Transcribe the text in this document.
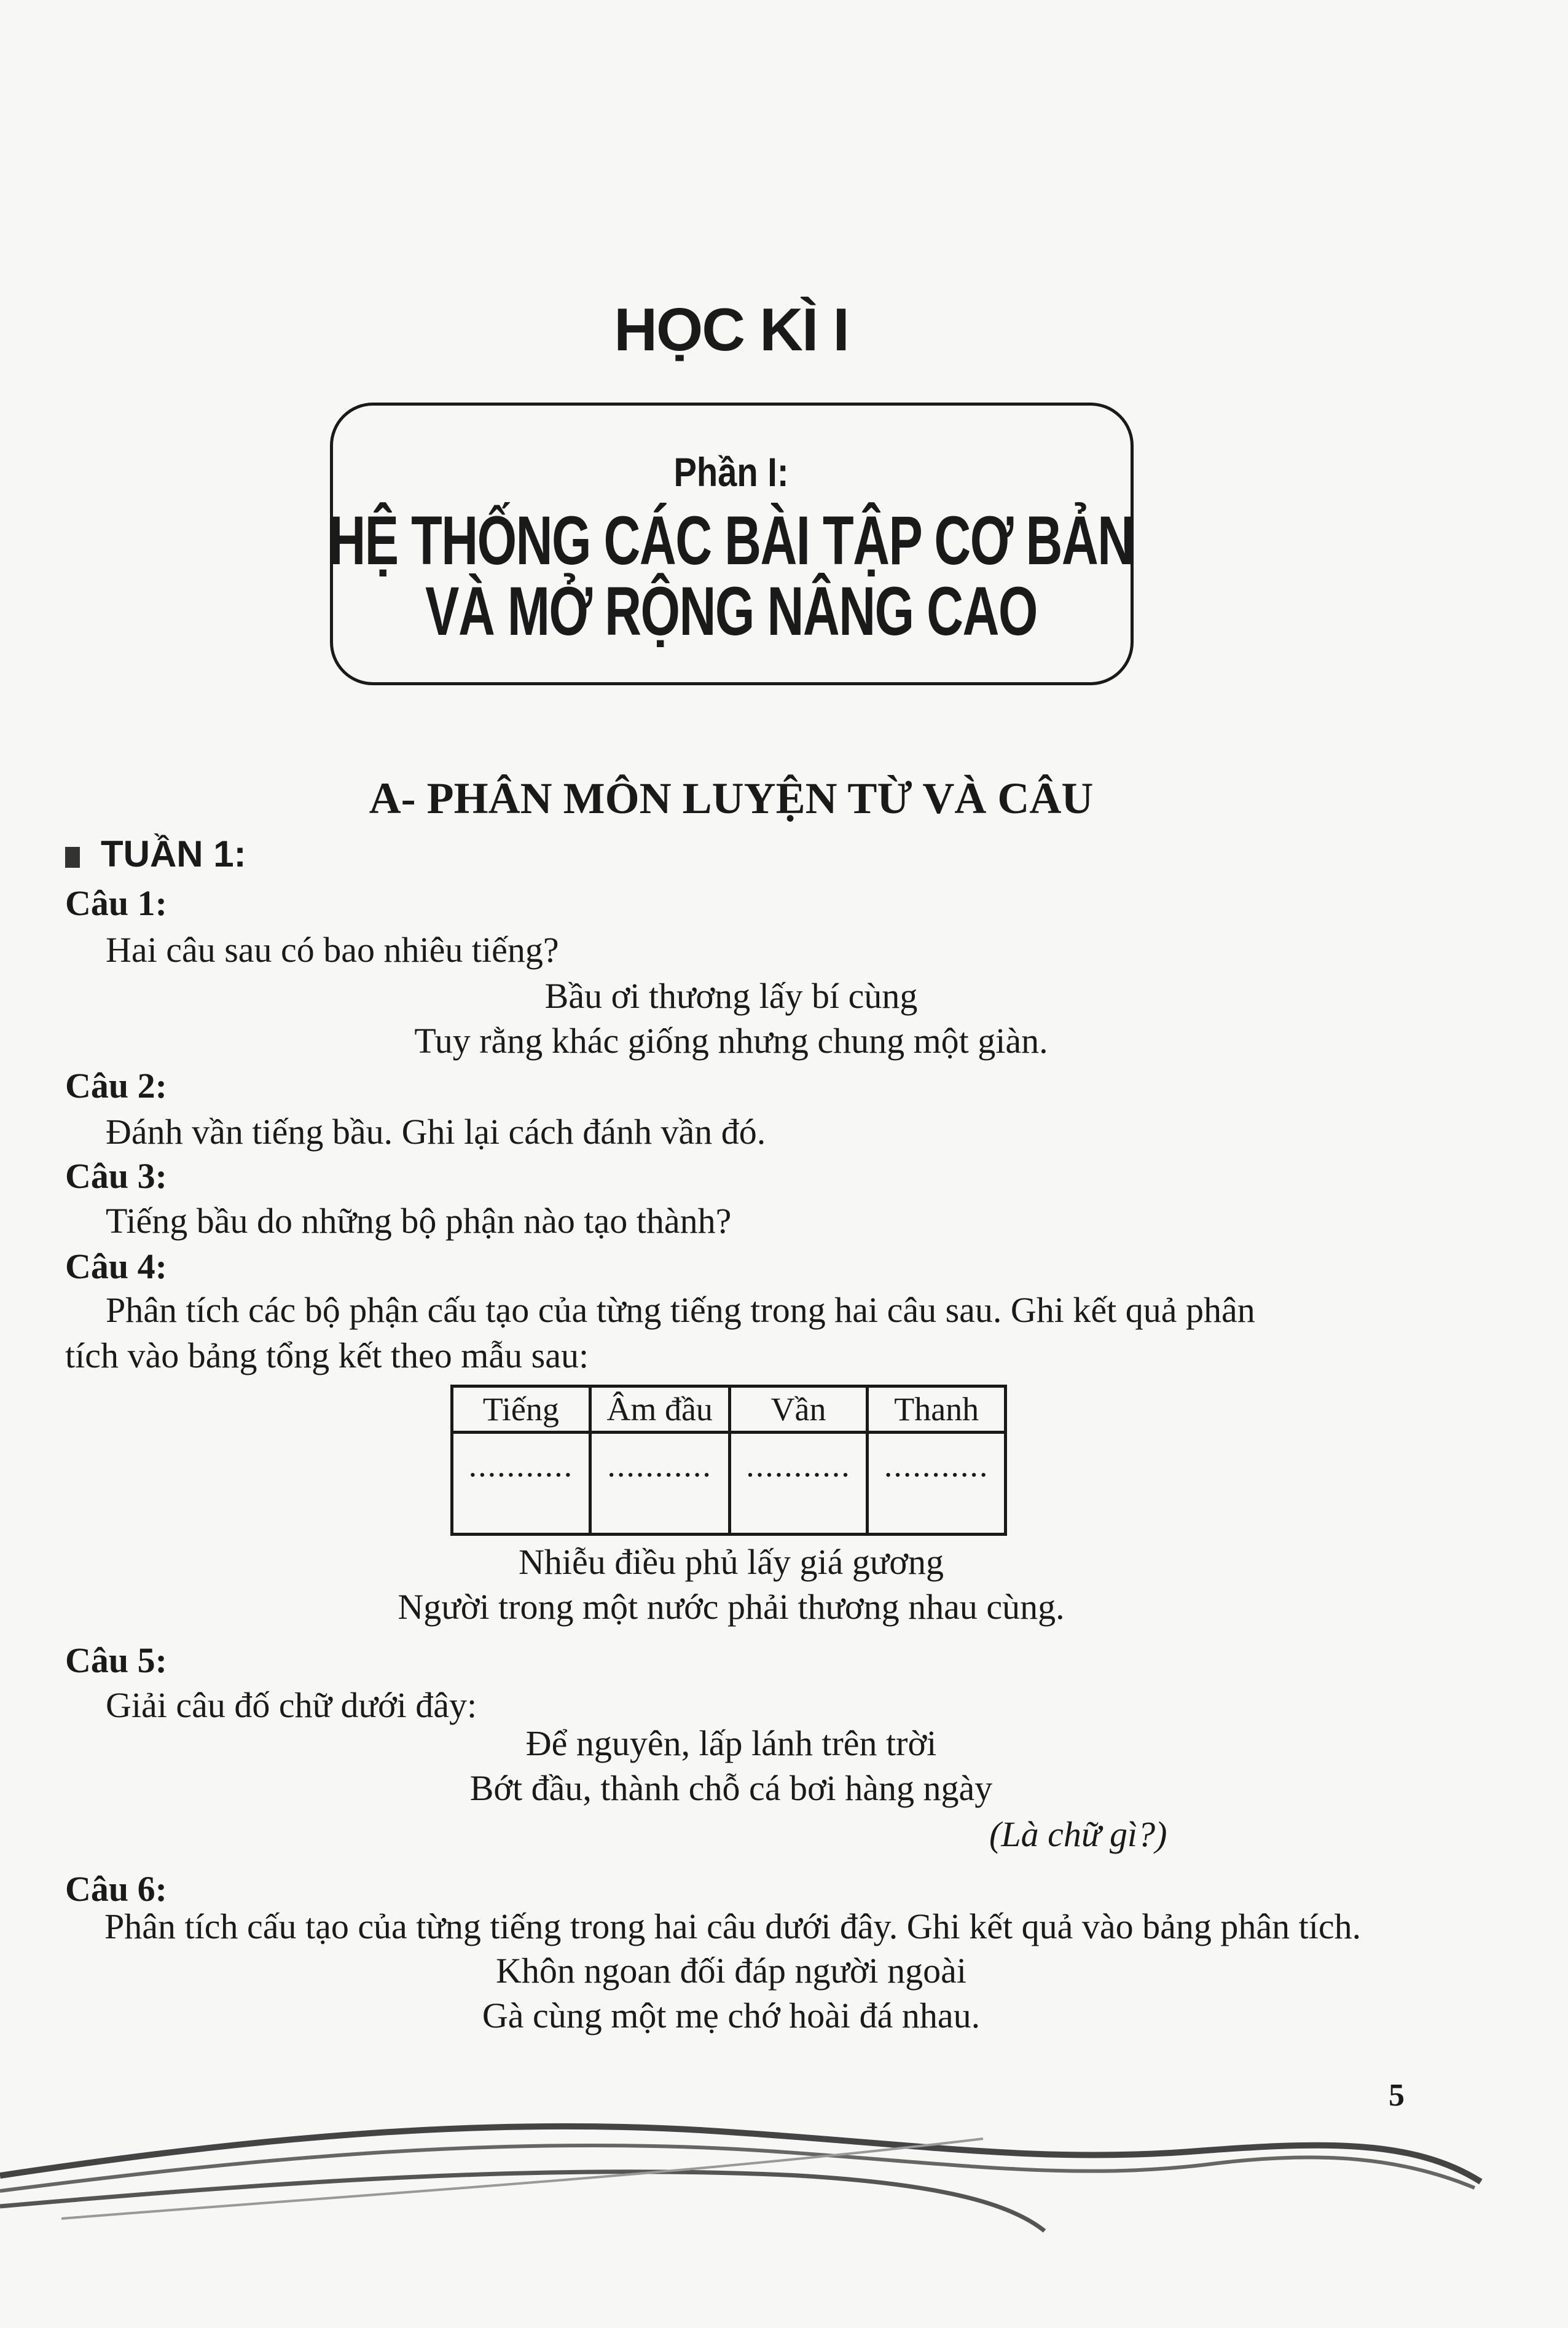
HỌC KÌ I
Phần I:
HỆ THỐNG CÁC BÀI TẬP CƠ BẢN
VÀ MỞ RỘNG NÂNG CAO
A- PHÂN MÔN LUYỆN TỪ VÀ CÂU
TUẦN 1:
Câu 1:
Hai câu sau có bao nhiêu tiếng?
Bầu ơi thương lấy bí cùng
Tuy rằng khác giống nhưng chung một giàn.
Câu 2:
Đánh vần tiếng bầu. Ghi lại cách đánh vần đó.
Câu 3:
Tiếng bầu do những bộ phận nào tạo thành?
Câu 4:
Phân tích các bộ phận cấu tạo của từng tiếng trong hai câu sau. Ghi kết quả phân
tích vào bảng tổng kết theo mẫu sau:
Tiếng	Âm đầu	Vần	Thanh
...........	...........	...........	...........
Nhiễu điều phủ lấy giá gương
Người trong một nước phải thương nhau cùng.
Câu 5:
Giải câu đố chữ dưới đây:
Để nguyên, lấp lánh trên trời
Bớt đầu, thành chỗ cá bơi hàng ngày
(Là chữ gì?)
Câu 6:
Phân tích cấu tạo của từng tiếng trong hai câu dưới đây. Ghi kết quả vào bảng phân tích.
Khôn ngoan đối đáp người ngoài
Gà cùng một mẹ chớ hoài đá nhau.
5
